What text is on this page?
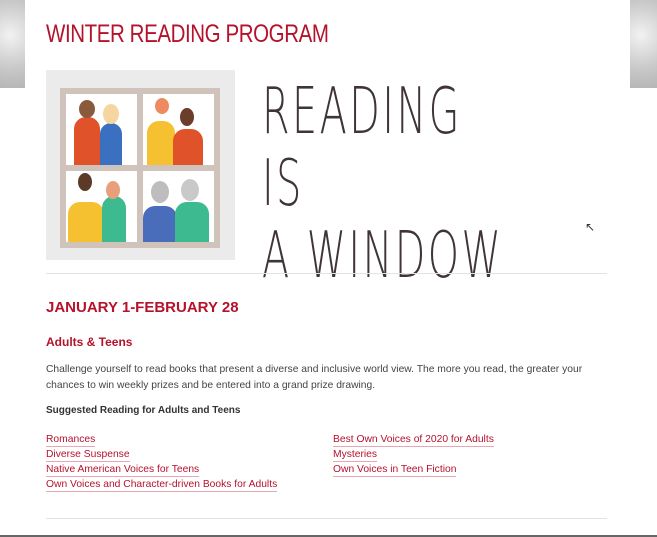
WINTER READING PROGRAM
READING IS
A WINDOW	↖
JANUARY 1-FEBRUARY 28
Adults & Teens
Challenge yourself to read books that present a diverse and inclusive world view. The more you read, the greater your chances to win weekly prizes and be entered into a grand prize drawing.
Suggested Reading for Adults and Teens
Romances
Diverse Suspense
Native American Voices for Teens
Own Voices and Character-driven Books for Adults
Best Own Voices of 2020 for Adults
Mysteries
Own Voices in Teen Fiction
